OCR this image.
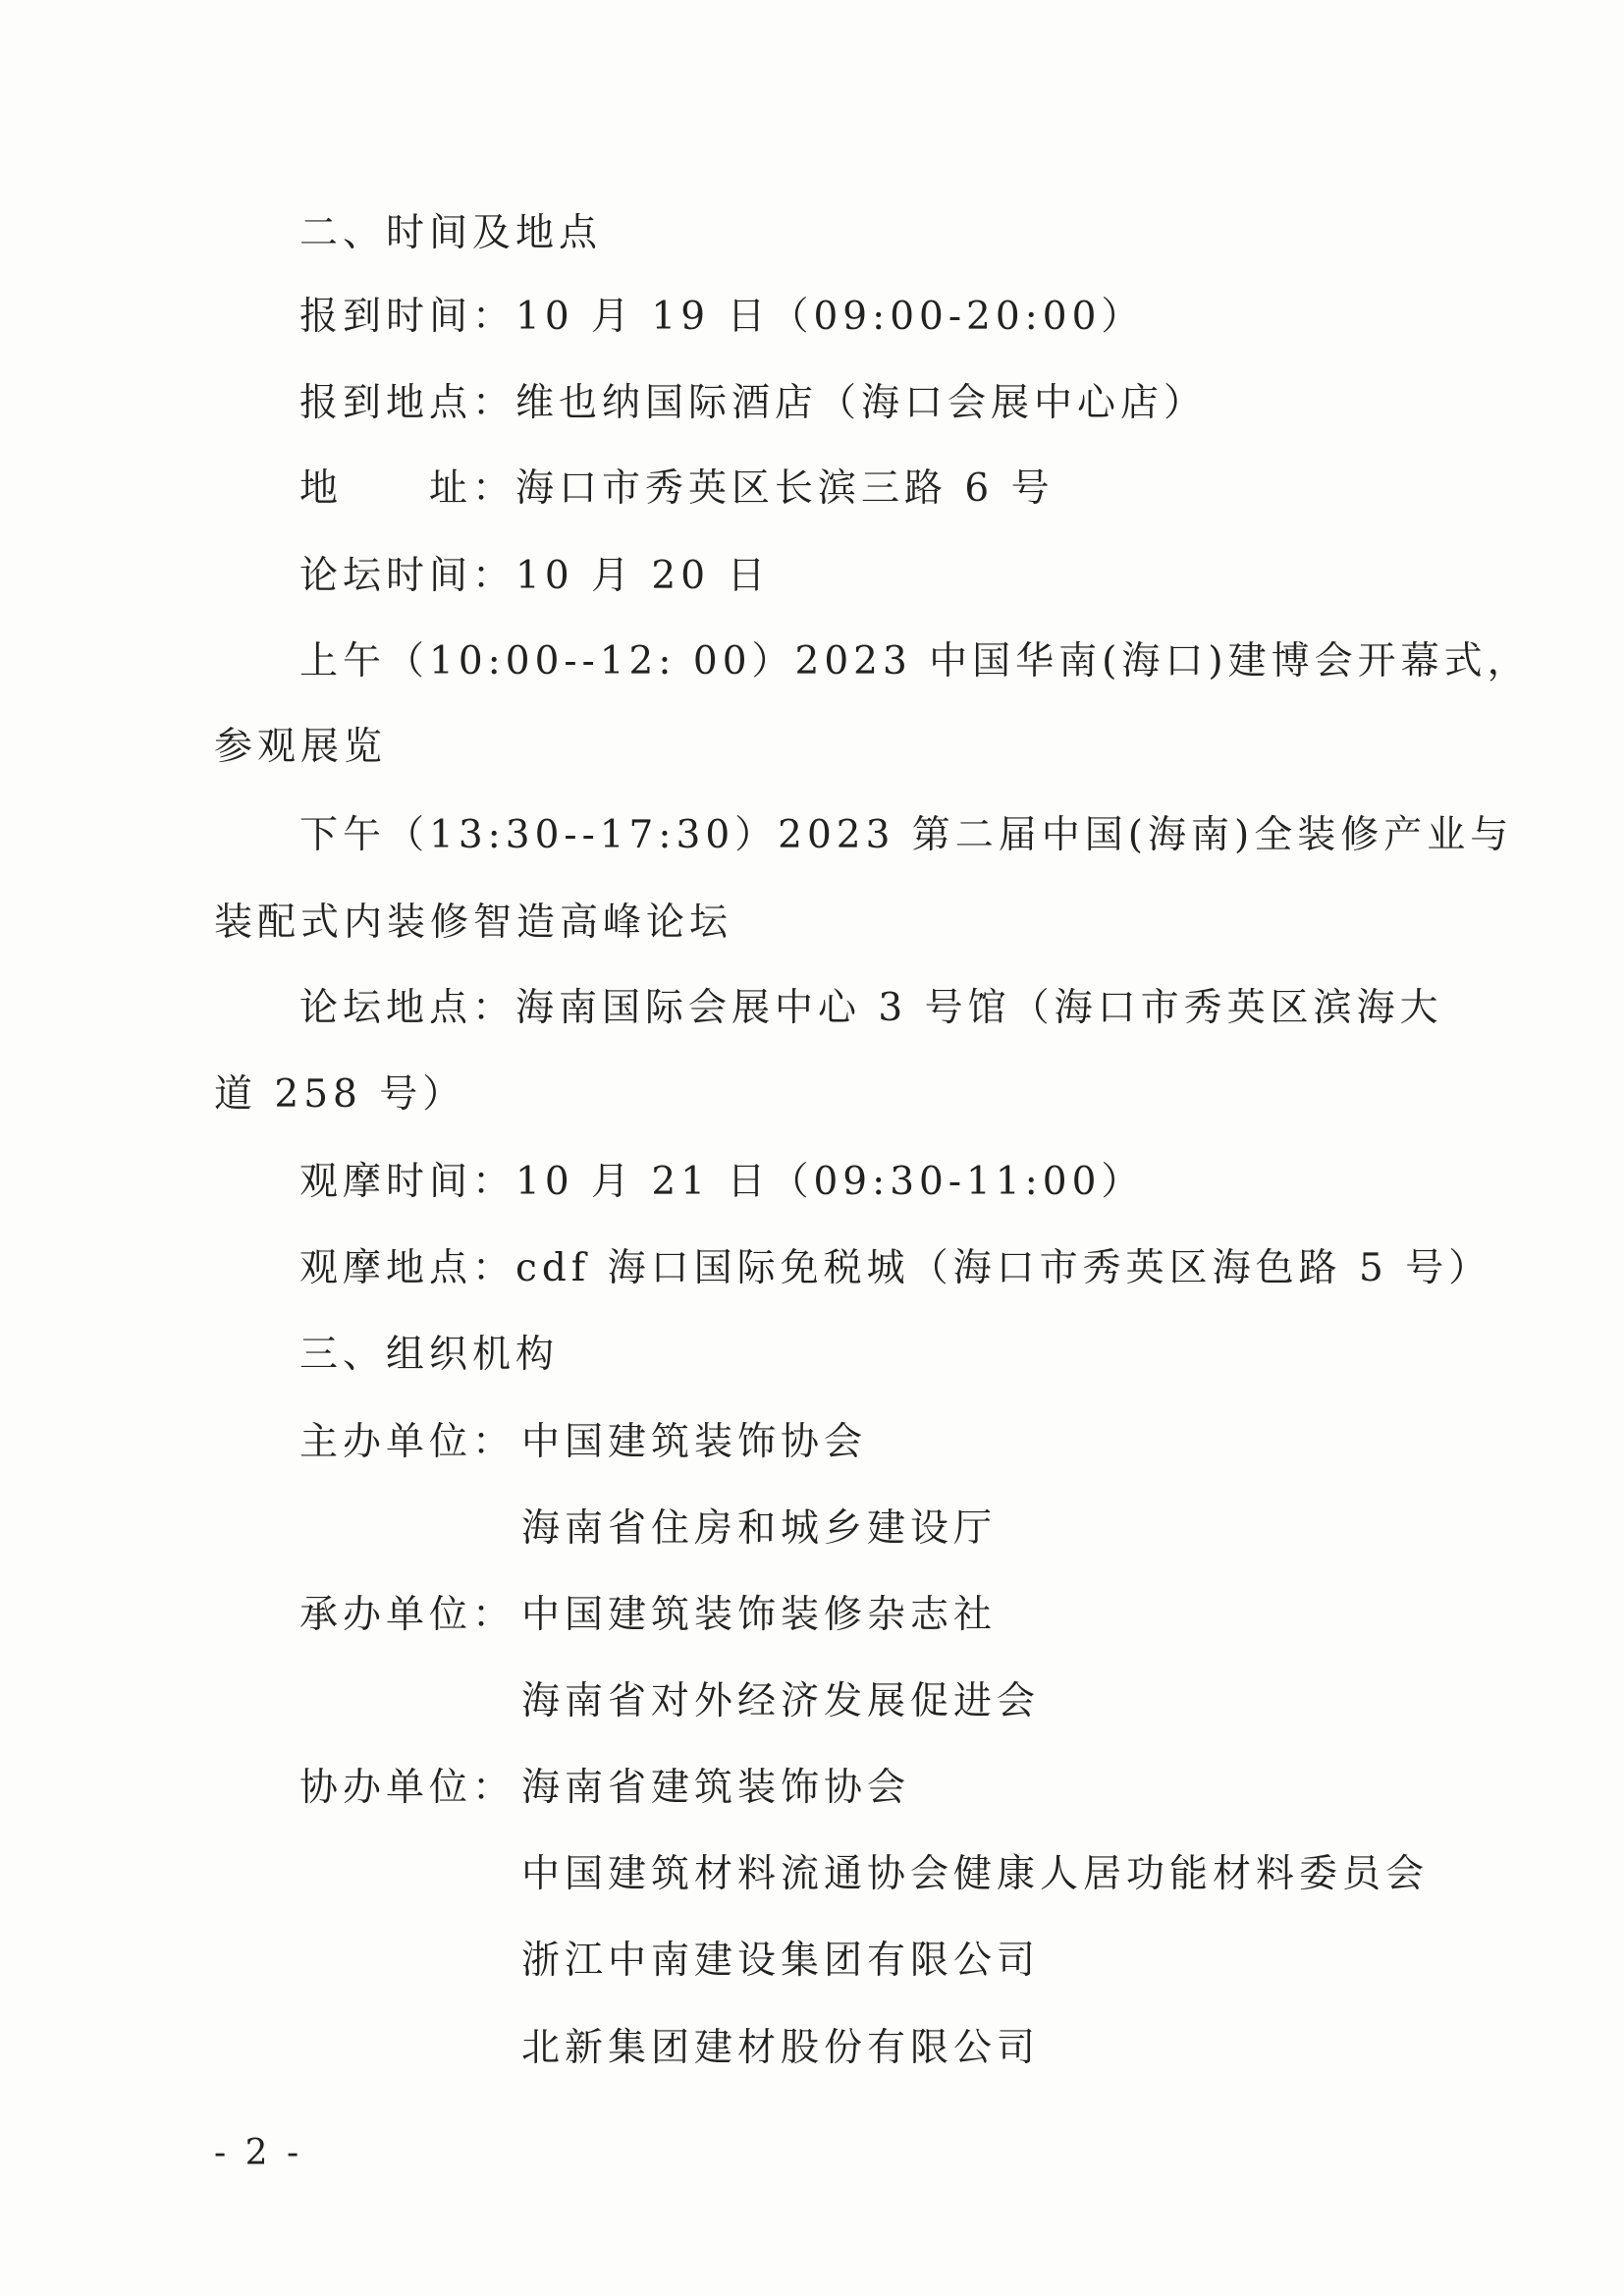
二、时间及地点
报到时间：10 月 19 日（09:00-20:00）
报到地点：维也纳国际酒店（海口会展中心店）
地　　址：海口市秀英区长滨三路 6 号
论坛时间：10 月 20 日
上午（10:00--12: 00）2023 中国华南(海口)建博会开幕式，
参观展览
下午（13:30--17:30）2023 第二届中国(海南)全装修产业与
装配式内装修智造高峰论坛
论坛地点：海南国际会展中心 3 号馆（海口市秀英区滨海大
道 258 号）
观摩时间：10 月 21 日（09:30-11:00）
观摩地点：cdf 海口国际免税城（海口市秀英区海色路 5 号）
三、组织机构
主办单位： 中国建筑装饰协会
海南省住房和城乡建设厅
承办单位： 中国建筑装饰装修杂志社
海南省对外经济发展促进会
协办单位： 海南省建筑装饰协会
中国建筑材料流通协会健康人居功能材料委员会
浙江中南建设集团有限公司
北新集团建材股份有限公司
- 2 -
